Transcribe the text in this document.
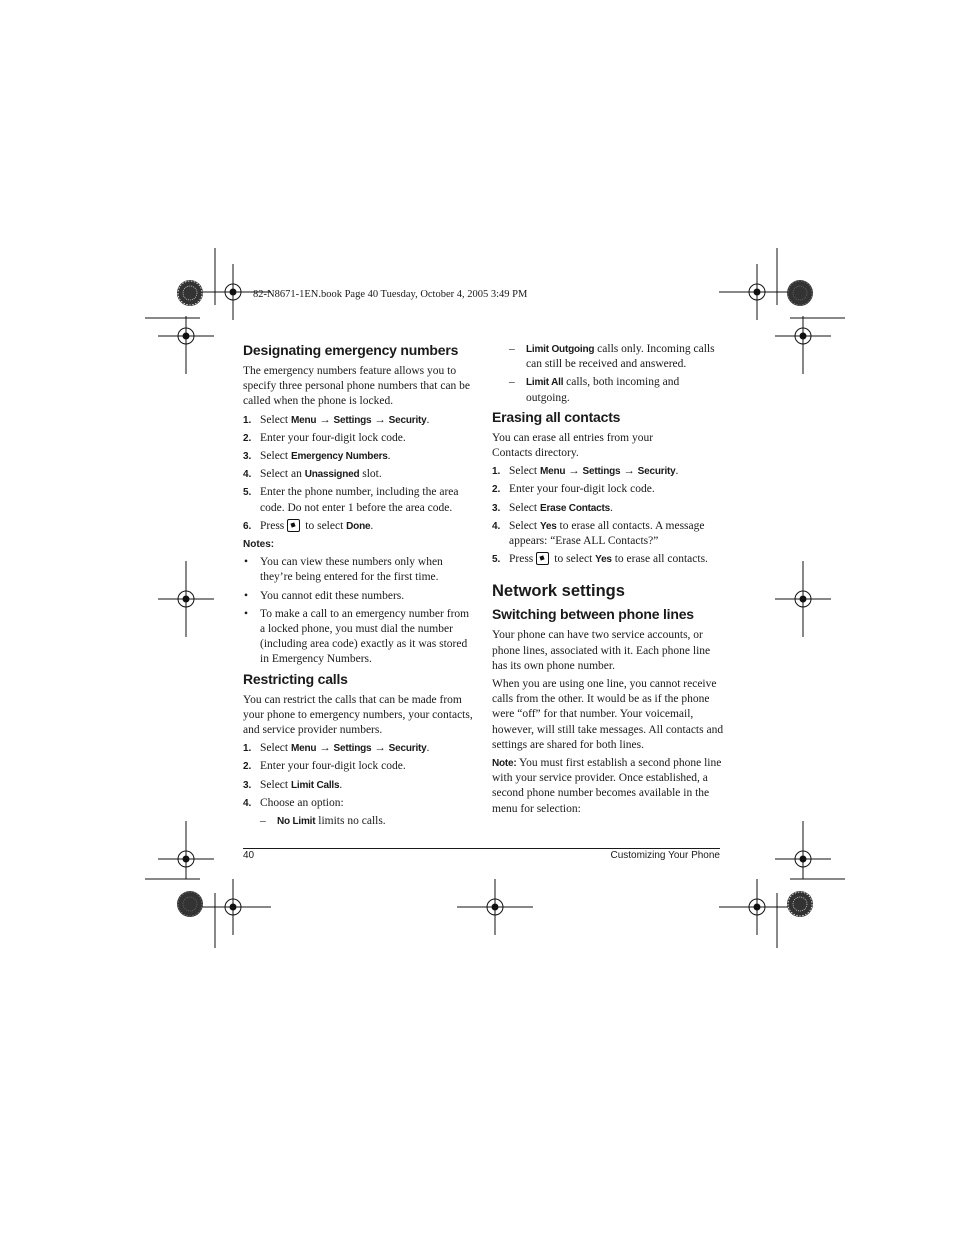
82-N8671-1EN.book Page 40 Tuesday, October 4, 2005 3:49 PM
Designating emergency numbers

The emergency numbers feature allows you to specify three personal phone numbers that can be called when the phone is locked.

1. Select Menu → Settings → Security.
2. Enter your four-digit lock code.
3. Select Emergency Numbers.
4. Select an Unassigned slot.
5. Enter the phone number, including the area code. Do not enter 1 before the area code.
6. Press to select Done.
Notes:
• You can view these numbers only when they’re being entered for the first time.
• You cannot edit these numbers.
• To make a call to an emergency number from a locked phone, you must dial the number (including area code) exactly as it was stored in Emergency Numbers.
Restricting calls

You can restrict the calls that can be made from your phone to emergency numbers, your contacts, and service provider numbers.

1. Select Menu → Settings → Security.
2. Enter your four-digit lock code.
3. Select Limit Calls.
4. Choose an option:
– No Limit limits no calls.
– Limit Outgoing calls only. Incoming calls can still be received and answered.
– Limit All calls, both incoming and outgoing.
Erasing all contacts

You can erase all entries from your Contacts directory.

1. Select Menu → Settings → Security.
2. Enter your four-digit lock code.
3. Select Erase Contacts.
4. Select Yes to erase all contacts. A message appears: “Erase ALL Contacts?”
5. Press to select Yes to erase all contacts.
Network settings
Switching between phone lines

Your phone can have two service accounts, or phone lines, associated with it. Each phone line has its own phone number.

When you are using one line, you cannot receive calls from the other. It would be as if the phone were “off” for that number. Your voicemail, however, will still take messages. All contacts and settings are shared for both lines.

Note: You must first establish a second phone line with your service provider. Once established, a second phone number becomes available in the menu for selection:

40	Customizing Your Phone
